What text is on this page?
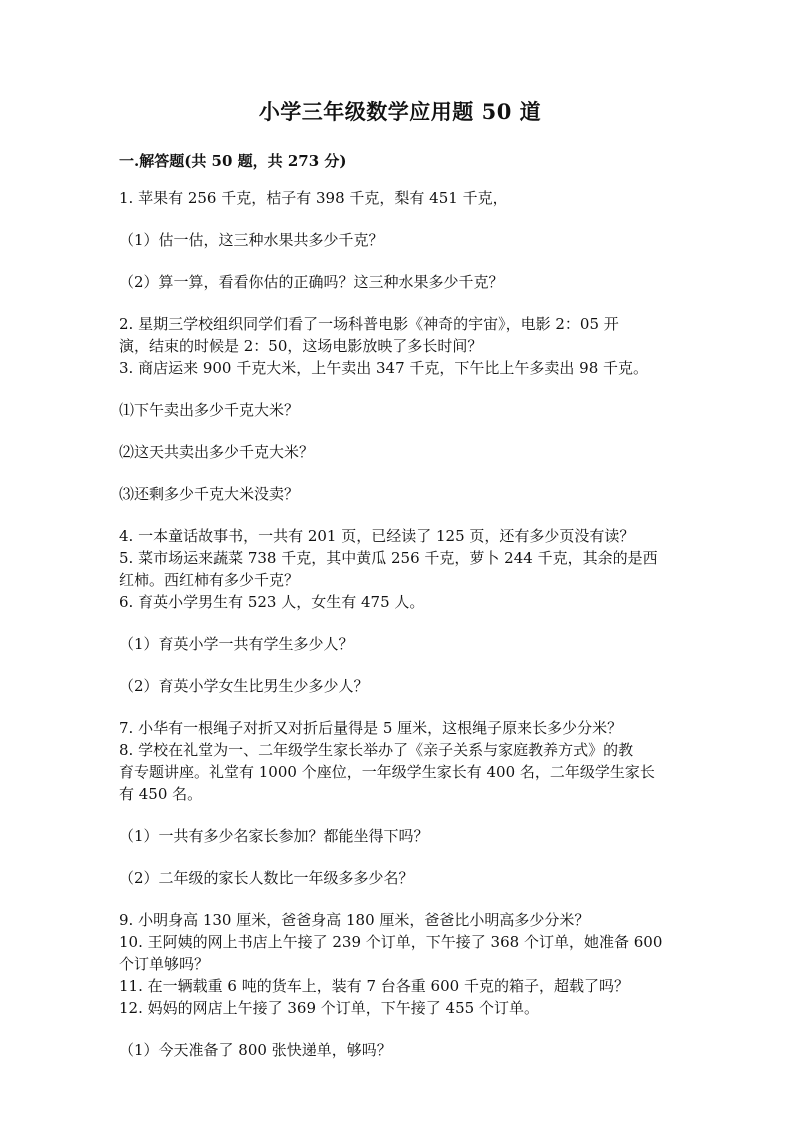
小学三年级数学应用题 50 道
一.解答题(共 50 题，共 273 分)

1. 苹果有 256 千克，桔子有 398 千克，梨有 451 千克，

（1）估一估，这三种水果共多少千克？

（2）算一算，看看你估的正确吗？这三种水果多少千克？

2. 星期三学校组织同学们看了一场科普电影《神奇的宇宙》，电影 2：05 开

演，结束的时候是 2：50，这场电影放映了多长时间？

3. 商店运来 900 千克大米，上午卖出 347 千克，下午比上午多卖出 98 千克。

⑴下午卖出多少千克大米？

⑵这天共卖出多少千克大米？

⑶还剩多少千克大米没卖？

4. 一本童话故事书，一共有 201 页，已经读了 125 页，还有多少页没有读？

5. 菜市场运来蔬菜 738 千克，其中黄瓜 256 千克，萝卜 244 千克，其余的是西

红柿。西红柿有多少千克？

6. 育英小学男生有 523 人，女生有 475 人。

（1）育英小学一共有学生多少人？

（2）育英小学女生比男生少多少人？

7. 小华有一根绳子对折又对折后量得是 5 厘米，这根绳子原来长多少分米？

8. 学校在礼堂为一、二年级学生家长举办了《亲子关系与家庭教养方式》的教

育专题讲座。礼堂有 1000 个座位，一年级学生家长有 400 名，二年级学生家长

有 450 名。

（1）一共有多少名家长参加？都能坐得下吗？

（2）二年级的家长人数比一年级多多少名？

9. 小明身高 130 厘米，爸爸身高 180 厘米，爸爸比小明高多少分米？

10. 王阿姨的网上书店上午接了 239 个订单，下午接了 368 个订单，她准备 600

个订单够吗？

11. 在一辆载重 6 吨的货车上，装有 7 台各重 600 千克的箱子，超载了吗？

12. 妈妈的网店上午接了 369 个订单，下午接了 455 个订单。

（1）今天准备了 800 张快递单，够吗？
